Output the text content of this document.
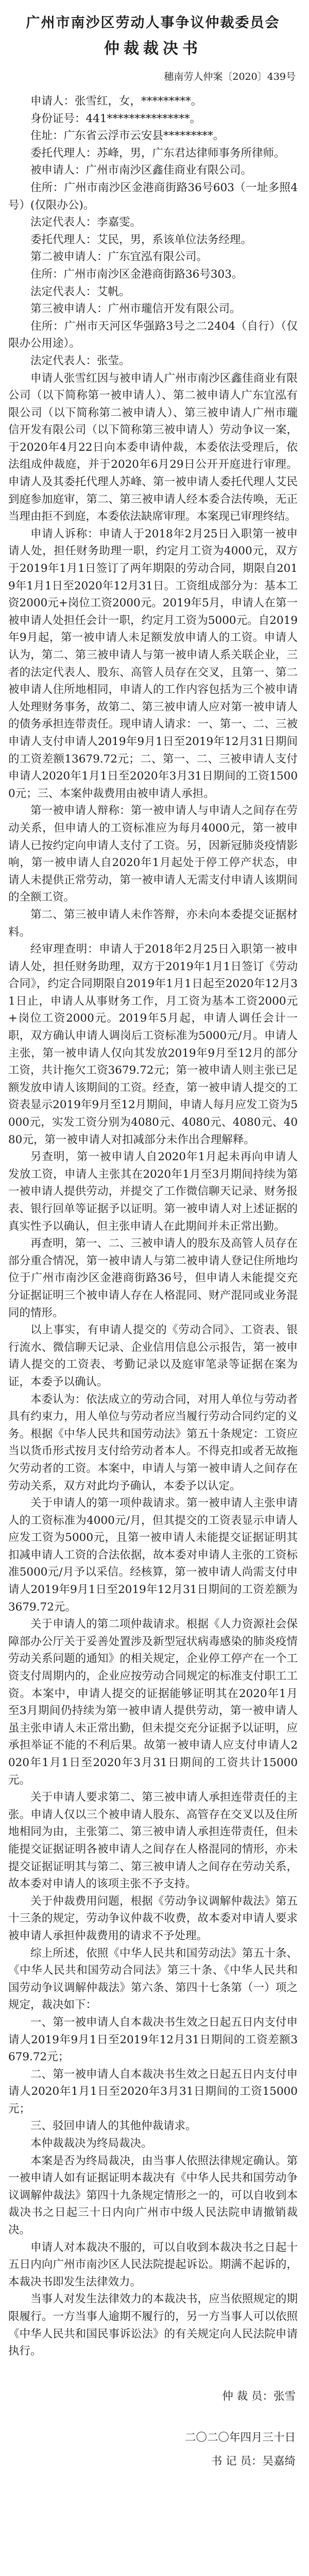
广州市南沙区劳动人事争议仲裁委员会
仲裁裁决书
穗南劳人仲案〔2020〕439号

申请人：张雪红，女，*********。

身份证号：441***************。

住址：广东省云浮市云安县*********。

委托代理人：苏峰，男，广东君达律师事务所律师。

被申请人：广州市南沙区鑫佳商业有限公司。

住所：广州市南沙区金港商街路36号603（一址多照4号）(仅限办公)。

法定代表人：李嘉雯。

委托代理人：艾民，男，系该单位法务经理。

第二被申请人：广东宜泓有限公司。

住所：广州市南沙区金港商街路36号303。

法定代表人：艾帆。

第三被申请人：广州市瓏信开发有限公司。

住所：广州市天河区华强路3号之二2404（自行）（仅限办公用途）。

法定代表人：张莹。

申请人张雪红因与被申请人广州市南沙区鑫佳商业有限公司（以下简称第一被申请人）、第二被申请人广东宜泓有限公司（以下简称第二被申请人）、第三被申请人广州市瓏信开发有限公司（以下简称第三被申请人）劳动争议一案，于2020年4月22日向本委申请仲裁，本委依法受理后，依法组成仲裁庭，并于2020年6月29日公开开庭进行审理。申请人及其委托代理人苏峰、第一被申请人委托代理人艾民到庭参加庭审，第二、第三被申请人经本委合法传唤，无正当理由拒不到庭，本委依法缺席审理。本案现已审理终结。

申请人诉称：申请人于2018年2月25日入职第一被申请人处，担任财务助理一职，约定月工资为4000元，双方于2019年1月1日签订了两年期限的劳动合同，期限自2019年1月1日至2020年12月31日。工资组成部分为：基本工资2000元+岗位工资2000元。2019年5月，申请人在第一被申请人处担任会计一职，约定月工资为5000元。自2019年9月起，第一被申请人未足额发放申请人的工资。申请人认为，第二、第三被申请人与第一被申请人系关联企业，三者的法定代表人、股东、高管人员存在交叉，且第一、第二被申请人住所地相同，申请人的工作内容包括为三个被申请人处理财务事务，故第二、第三被申请人应对第一被申请人的债务承担连带责任。现申请人请求：一、第一、二、三被申请人支付申请人2019年9月1日至2019年12月31日期间的工资差额13679.72元；二、第一、二、三被申请人支付申请人2020年1月1日至2020年3月31日期间的工资15000元；三、本案仲裁费用由被申请人承担。

第一被申请人辩称：第一被申请人与申请人之间存在劳动关系，但申请人的工资标准应为每月4000元，第一被申请人已按约定向申请人支付了工资。另，因新冠肺炎疫情影响，第一被申请人自2020年1月起处于停工停产状态，申请人未提供正常劳动，第一被申请人无需支付申请人该期间的全额工资。

第二、第三被申请人未作答辩，亦未向本委提交证据材料。

经审理查明：申请人于2018年2月25日入职第一被申请人处，担任财务助理，双方于2019年1月1日签订《劳动合同》，约定合同期限自2019年1月1日起至2020年12月31日止，申请人从事财务工作，月工资为基本工资2000元+岗位工资2000元。2019年5月起，申请人调任会计一职，双方确认申请人调岗后工资标准为5000元/月。申请人主张，第一被申请人仅向其发放2019年9月至12月的部分工资，共计拖欠工资3679.72元；第一被申请人则主张已足额发放申请人该期间的工资。经查，第一被申请人提交的工资表显示2019年9月至12月期间，申请人每月应发工资为5000元，实发工资分别为4080元、4080元、4080元、4080元，第一被申请人对扣减部分未作出合理解释。

另查明，第一被申请人自2020年1月起未再向申请人发放工资，申请人主张其在2020年1月至3月期间持续为第一被申请人提供劳动，并提交了工作微信聊天记录、财务报表、银行回单等证据予以证明。第一被申请人对上述证据的真实性予以确认，但主张申请人在此期间并未正常出勤。

再查明，第一、二、三被申请人的股东及高管人员存在部分重合情况，第一被申请人与第二被申请人登记住所地均位于广州市南沙区金港商街路36号，但申请人未能提交充分证据证明三个被申请人存在人格混同、财产混同或业务混同的情形。

以上事实，有申请人提交的《劳动合同》、工资表、银行流水、微信聊天记录、企业信用信息公示报告，第一被申请人提交的工资表、考勤记录以及庭审笔录等证据在案为证，本委予以确认。

本委认为：依法成立的劳动合同，对用人单位与劳动者具有约束力，用人单位与劳动者应当履行劳动合同约定的义务。根据《中华人民共和国劳动法》第五十条规定：工资应当以货币形式按月支付给劳动者本人。不得克扣或者无故拖欠劳动者的工资。本案中，申请人与第一被申请人之间存在劳动关系，双方对此均予确认，本委予以认定。

关于申请人的第一项仲裁请求。第一被申请人主张申请人的工资标准为4000元/月，但其提交的工资表显示申请人应发工资为5000元，且第一被申请人未能提交证据证明其扣减申请人工资的合法依据，故本委对申请人主张的工资标准5000元/月予以采信。经核算，第一被申请人尚需支付申请人2019年9月1日至2019年12月31日期间的工资差额为3679.72元。

关于申请人的第二项仲裁请求。根据《人力资源社会保障部办公厅关于妥善处置涉及新型冠状病毒感染的肺炎疫情劳动关系问题的通知》的相关规定，企业停工停产在一个工资支付周期内的，企业应按劳动合同规定的标准支付职工工资。本案中，申请人提交的证据能够证明其在2020年1月至3月期间仍持续为第一被申请人提供劳动，第一被申请人虽主张申请人未正常出勤，但未提交充分证据予以证明，应承担举证不能的不利后果。故第一被申请人应支付申请人2020年1月1日至2020年3月31日期间的工资共计15000元。

关于申请人要求第二、第三被申请人承担连带责任的主张。申请人仅以三个被申请人股东、高管存在交叉以及住所地相同为由，主张第二、第三被申请人承担连带责任，但未能提交证据证明各被申请人之间存在人格混同的情形，亦未提交证据证明其与第二、第三被申请人之间存在劳动关系，故本委对申请人的该项主张不予支持。

关于仲裁费用问题，根据《劳动争议调解仲裁法》第五十三条的规定，劳动争议仲裁不收费，故本委对申请人要求被申请人承担仲裁费用的请求不予处理。

综上所述，依照《中华人民共和国劳动法》第五十条、《中华人民共和国劳动合同法》第三十条、《中华人民共和国劳动争议调解仲裁法》第六条、第四十七条第（一）项之规定，裁决如下：

一、第一被申请人自本裁决书生效之日起五日内支付申请人2019年9月1日至2019年12月31日期间的工资差额3679.72元；

二、第一被申请人自本裁决书生效之日起五日内支付申请人2020年1月1日至2020年3月31日期间的工资15000元；

三、驳回申请人的其他仲裁请求。

本仲裁裁决为终局裁决。

本案是否为终局裁决，由当事人依照法律规定确认。第一被申请人如有证据证明本裁决有《中华人民共和国劳动争议调解仲裁法》第四十九条规定情形之一的，可以自收到本裁决书之日起三十日内向广州市中级人民法院申请撤销裁决。

申请人对本裁决不服的，可以自收到本裁决书之日起十五日内向广州市南沙区人民法院提起诉讼。期满不起诉的，本裁决书即发生法律效力。

当事人对发生法律效力的本裁决书，应当依照规定的期限履行。一方当事人逾期不履行的，另一方当事人可以依照《中华人民共和国民事诉讼法》的有关规定向人民法院申请执行。

仲 裁 员：张雪
二〇二〇年四月三十日
书 记 员：吴嘉绮
